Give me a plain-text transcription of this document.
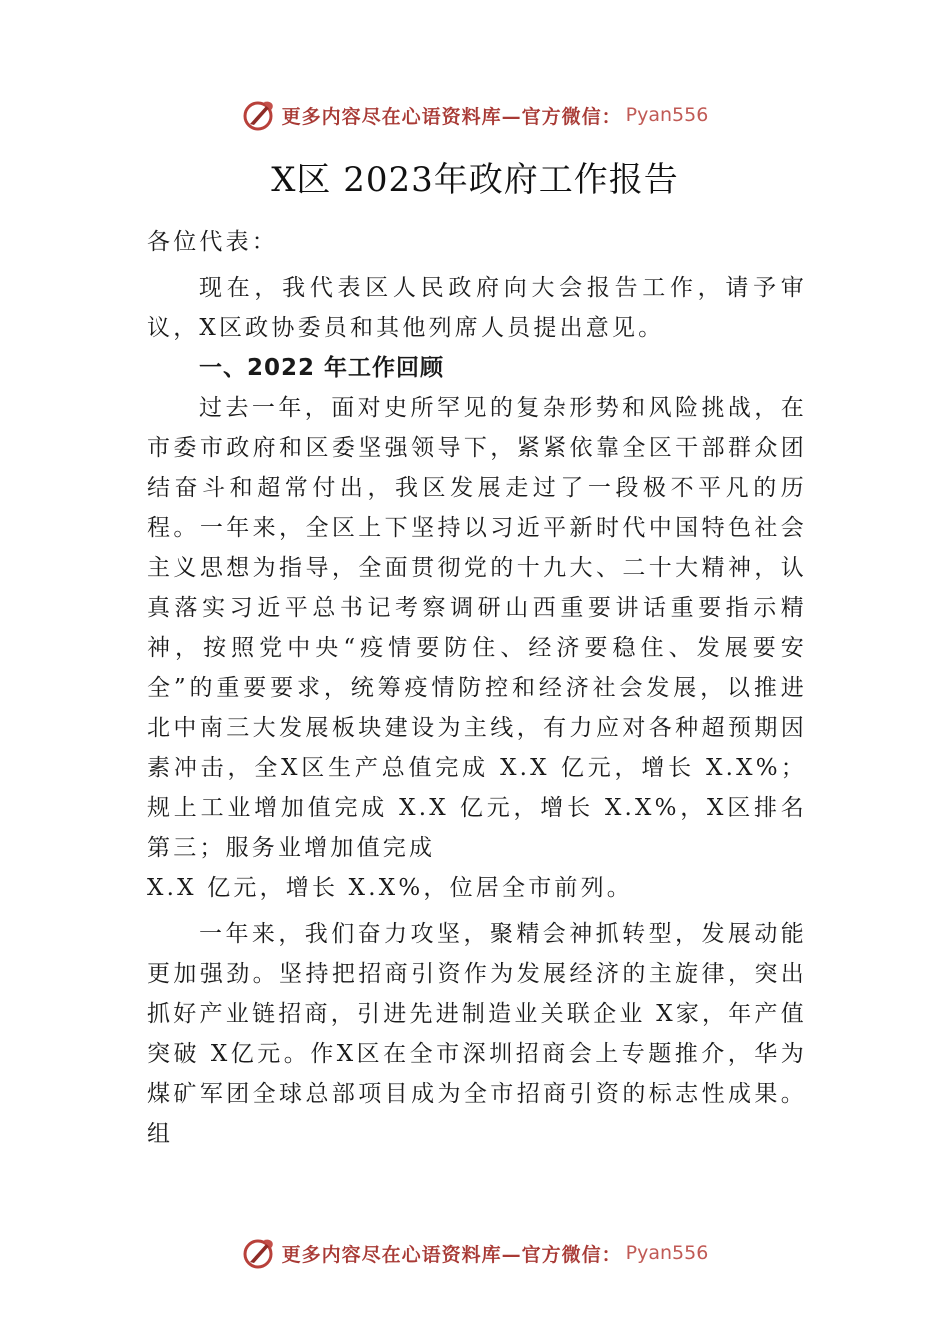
更多内容尽在心语资料库—官方微信： Pyan556
X区 2023年政府工作报告

各位代表：

现在，我代表区人民政府向大会报告工作，请予审议，X区政协委员和其他列席人员提出意见。

一、2022 年工作回顾

过去一年，面对史所罕见的复杂形势和风险挑战，在市委市政府和区委坚强领导下，紧紧依靠全区干部群众团结奋斗和超常付出，我区发展走过了一段极不平凡的历程。一年来，全区上下坚持以习近平新时代中国特色社会主义思想为指导，全面贯彻党的十九大、二十大精神，认真落实习近平总书记考察调研山西重要讲话重要指示精神，按照党中央“疫情要防住、经济要稳住、发展要安全”的重要要求，统筹疫情防控和经济社会发展，以推进北中南三大发展板块建设为主线，有力应对各种超预期因素冲击，全X区生产总值完成 X.X 亿元，增长 X.X%；规上工业增加值完成 X.X 亿元，增长 X.X%，X区排名第三；服务业增加值完成

X.X 亿元，增长 X.X%，位居全市前列。

一年来，我们奋力攻坚，聚精会神抓转型，发展动能更加强劲。坚持把招商引资作为发展经济的主旋律，突出抓好产业链招商，引进先进制造业关联企业 X家，年产值突破 X亿元。作X区在全市深圳招商会上专题推介，华为煤矿军团全球总部项目成为全市招商引资的标志性成果。组

更多内容尽在心语资料库—官方微信： Pyan556
